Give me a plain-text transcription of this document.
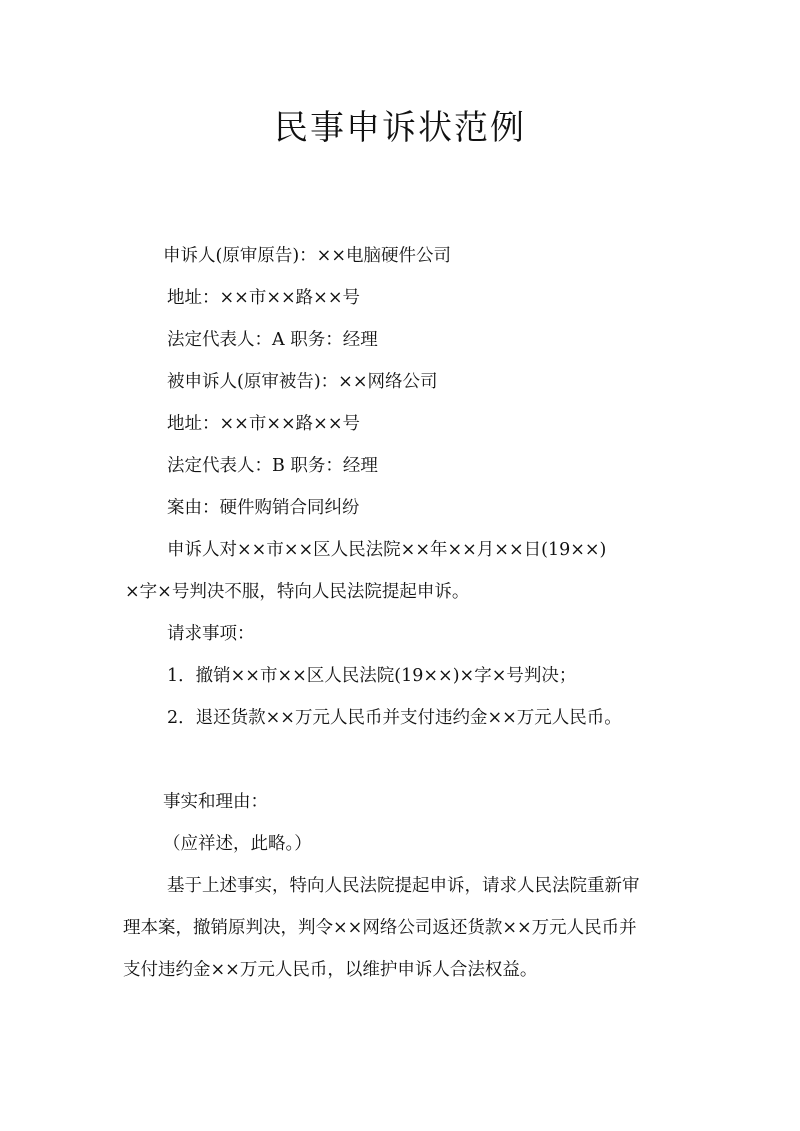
民事申诉状范例
申诉人(原审原告)：××电脑硬件公司
地址：××市××路××号
法定代表人：A 职务：经理
被申诉人(原审被告)：××网络公司
地址：××市××路××号
法定代表人：B 职务：经理
案由：硬件购销合同纠纷
申诉人对××市××区人民法院××年××月××日(19××)
×字×号判决不服，特向人民法院提起申诉。
请求事项：
1．撤销××市××区人民法院(19××)×字×号判决；
2．退还货款××万元人民币并支付违约金××万元人民币。
事实和理由：
（应祥述，此略。）
基于上述事实，特向人民法院提起申诉，请求人民法院重新审
理本案，撤销原判决，判令××网络公司返还货款××万元人民币并
支付违约金××万元人民币，以维护申诉人合法权益。
